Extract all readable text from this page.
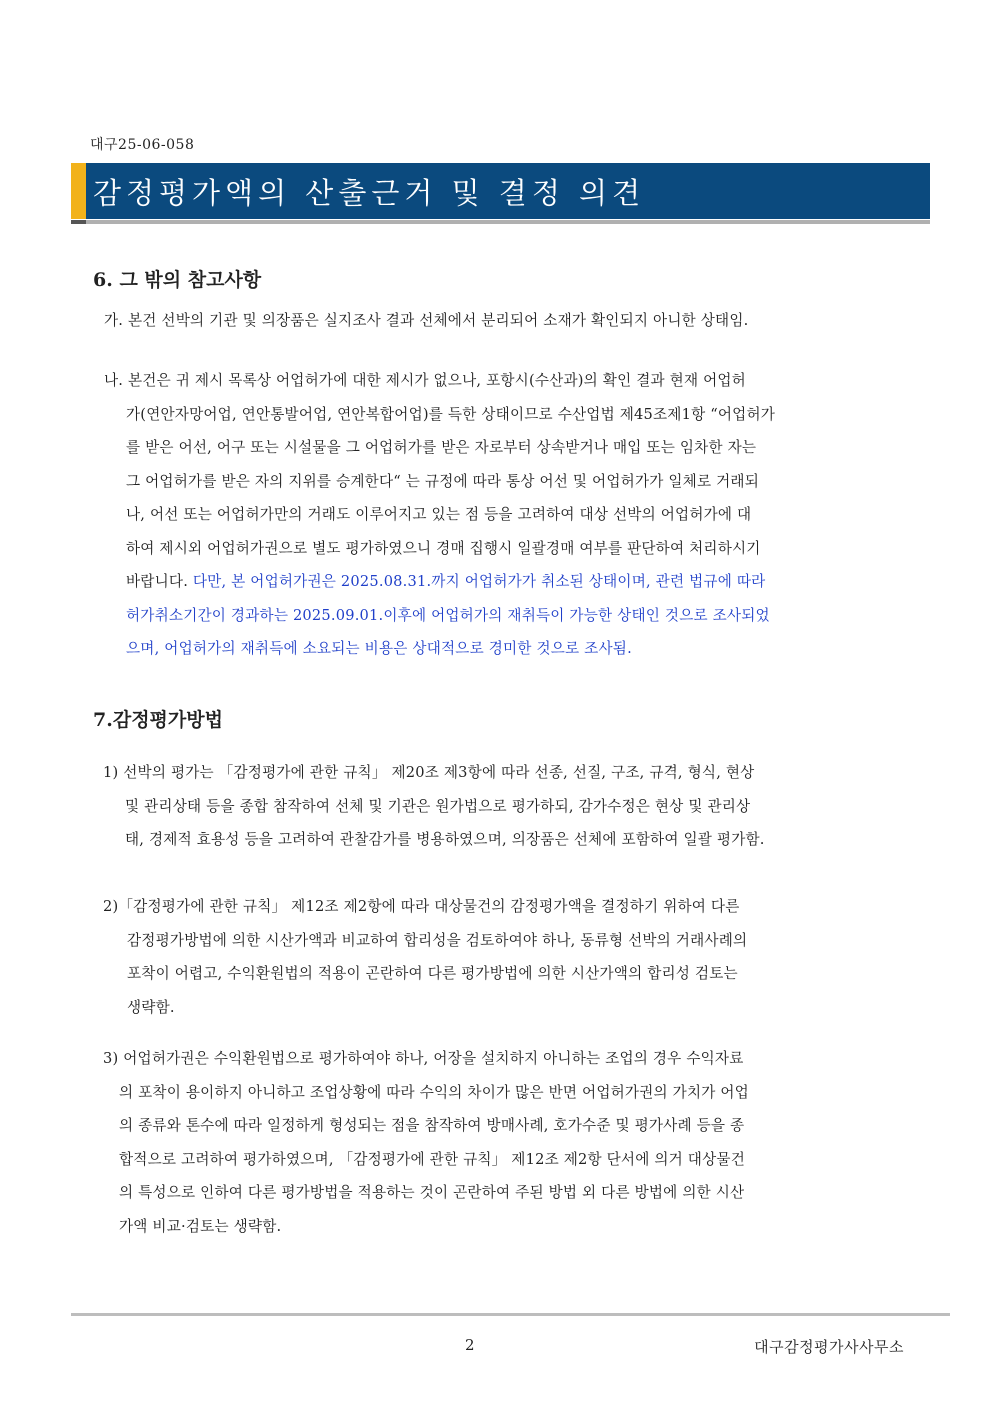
대구25-06-058
감정평가액의 산출근거 및 결정 의견
6. 그 밖의 참고사항
가. 본건 선박의 기관 및 의장품은 실지조사 결과 선체에서 분리되어 소재가 확인되지 아니한 상태임.
나. 본건은 귀 제시 목록상 어업허가에 대한 제시가 없으나, 포항시(수산과)의 확인 결과 현재 어업허
가(연안자망어업, 연안통발어업, 연안복합어업)를 득한 상태이므로 수산업법 제45조제1항 “어업허가
를 받은 어선, 어구 또는 시설물을 그 어업허가를 받은 자로부터 상속받거나 매입 또는 임차한 자는
그 어업허가를 받은 자의 지위를 승계한다“ 는 규정에 따라 통상 어선 및 어업허가가 일체로 거래되
나, 어선 또는 어업허가만의 거래도 이루어지고 있는 점 등을 고려하여 대상 선박의 어업허가에 대
하여 제시외 어업허가권으로 별도 평가하였으니 경매 집행시 일괄경매 여부를 판단하여 처리하시기
바랍니다. 다만, 본 어업허가권은 2025.08.31.까지 어업허가가 취소된 상태이며, 관련 법규에 따라
허가취소기간이 경과하는 2025.09.01.이후에 어업허가의 재취득이 가능한 상태인 것으로 조사되었
으며, 어업허가의 재취득에 소요되는 비용은 상대적으로 경미한 것으로 조사됨.
7.감정평가방법
1) 선박의 평가는 「감정평가에 관한 규칙」 제20조 제3항에 따라 선종, 선질, 구조, 규격, 형식, 현상
및 관리상태 등을 종합 참작하여 선체 및 기관은 원가법으로 평가하되, 감가수정은 현상 및 관리상
태, 경제적 효용성 등을 고려하여 관찰감가를 병용하였으며, 의장품은 선체에 포함하여 일괄 평가함.
2)「감정평가에 관한 규칙」 제12조 제2항에 따라 대상물건의 감정평가액을 결정하기 위하여 다른
감정평가방법에 의한 시산가액과 비교하여 합리성을 검토하여야 하나, 동류형 선박의 거래사례의
포착이 어렵고, 수익환원법의 적용이 곤란하여 다른 평가방법에 의한 시산가액의 합리성 검토는
생략함.
3) 어업허가권은 수익환원법으로 평가하여야 하나, 어장을 설치하지 아니하는 조업의 경우 수익자료
의 포착이 용이하지 아니하고 조업상황에 따라 수익의 차이가 많은 반면 어업허가권의 가치가 어업
의 종류와 톤수에 따라 일정하게 형성되는 점을 참작하여 방매사례, 호가수준 및 평가사례 등을 종
합적으로 고려하여 평가하였으며, 「감정평가에 관한 규칙」 제12조 제2항 단서에 의거 대상물건
의 특성으로 인하여 다른 평가방법을 적용하는 것이 곤란하여 주된 방법 외 다른 방법에 의한 시산
가액 비교·검토는 생략함.
2	대구감정평가사사무소
